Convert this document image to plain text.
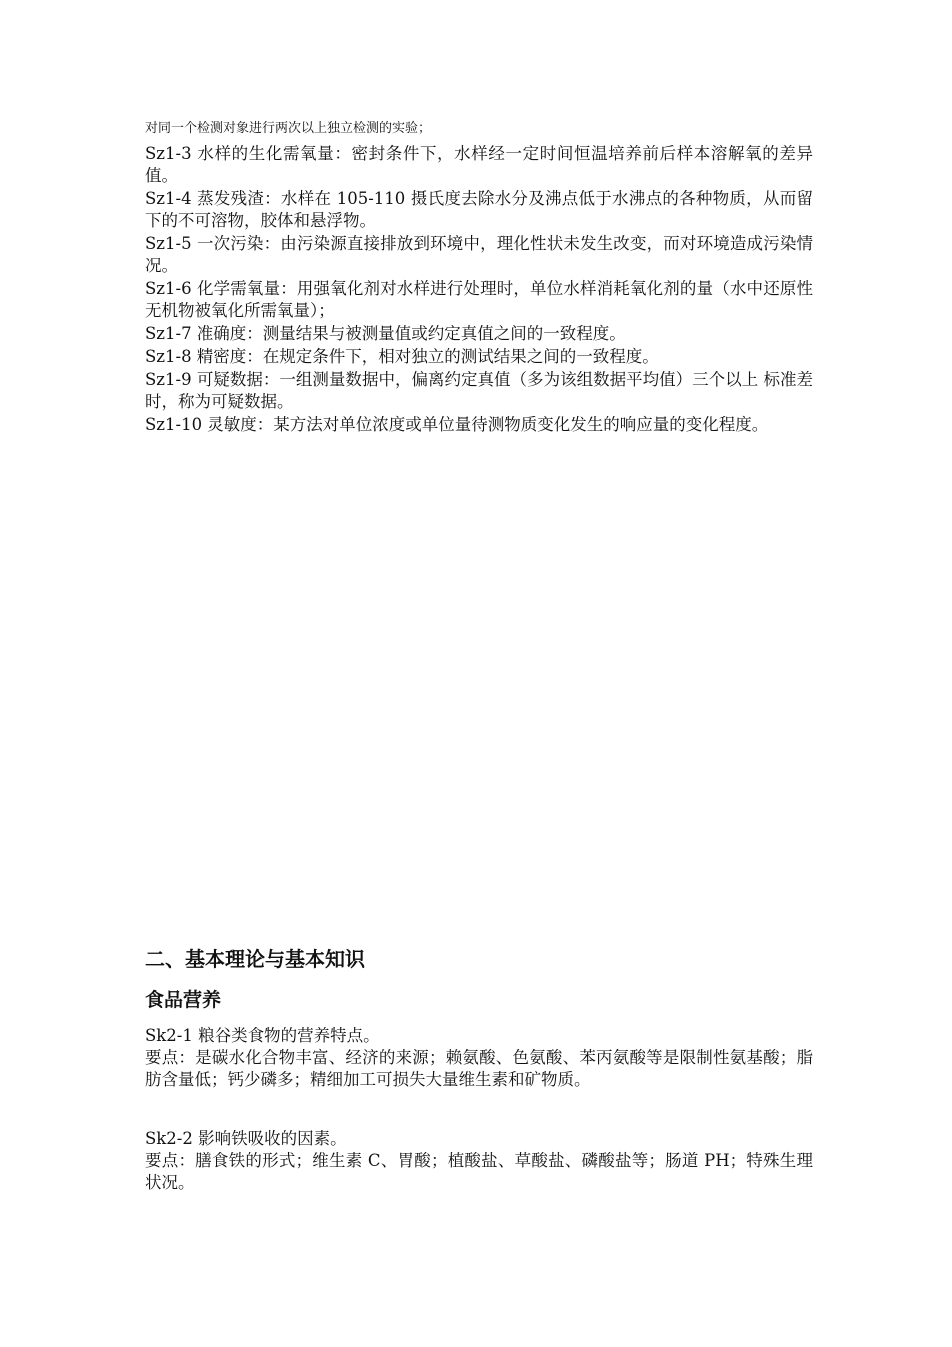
对同一个检测对象进行两次以上独立检测的实验；

Sz1-3 水样的生化需氧量：密封条件下，水样经一定时间恒温培养前后样本溶解氧的差异值。

Sz1-4 蒸发残渣：水样在 105-110 摄氏度去除水分及沸点低于水沸点的各种物质，从而留下的不可溶物，胶体和悬浮物。

Sz1-5 一次污染：由污染源直接排放到环境中，理化性状未发生改变，而对环境造成污染情况。

Sz1-6 化学需氧量：用强氧化剂对水样进行处理时，单位水样消耗氧化剂的量（水中还原性无机物被氧化所需氧量）；

Sz1-7 准确度：测量结果与被测量值或约定真值之间的一致程度。

Sz1-8 精密度：在规定条件下，相对独立的测试结果之间的一致程度。

Sz1-9 可疑数据：一组测量数据中，偏离约定真值（多为该组数据平均值）三个以上 标准差时，称为可疑数据。

Sz1-10 灵敏度：某方法对单位浓度或单位量待测物质变化发生的响应量的变化程度。

二、基本理论与基本知识
食品营养

Sk2-1 粮谷类食物的营养特点。

要点：是碳水化合物丰富、经济的来源；赖氨酸、色氨酸、苯丙氨酸等是限制性氨基酸；脂肪含量低；钙少磷多；精细加工可损失大量维生素和矿物质。

Sk2-2 影响铁吸收的因素。

要点：膳食铁的形式；维生素 C、胃酸；植酸盐、草酸盐、磷酸盐等；肠道 PH；特殊生理状况。
